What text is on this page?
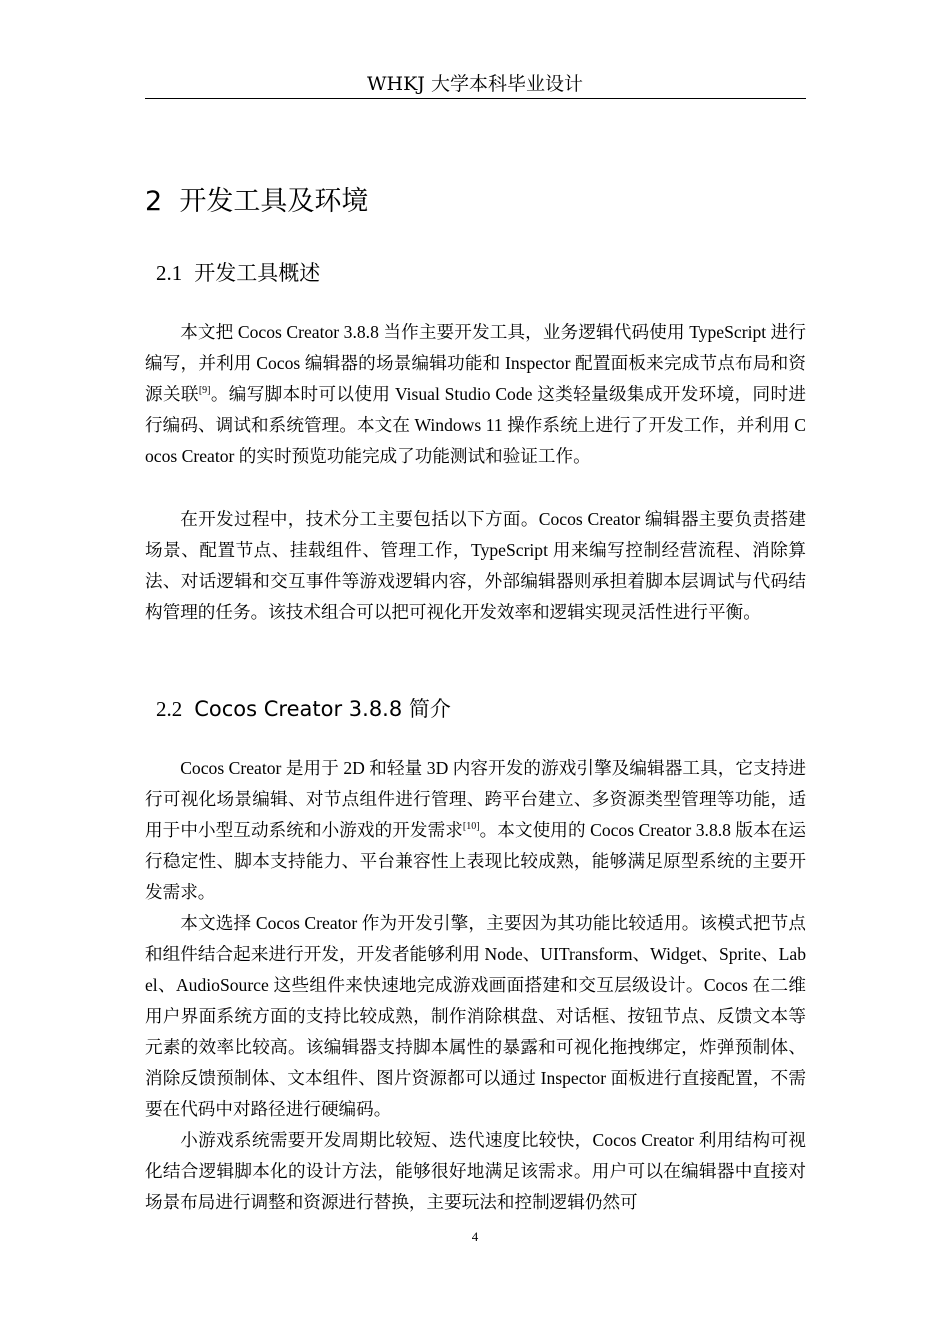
WHKJ 大学本科毕业设计
2 开发工具及环境
2.1 开发工具概述

本文把 Cocos Creator 3.8.8 当作主要开发工具，业务逻辑代码使用 TypeScript 进行编写，并利用 Cocos 编辑器的场景编辑功能和 Inspector 配置面板来完成节点布局和资源关联[9]。编写脚本时可以使用 Visual Studio Code 这类轻量级集成开发环境，同时进行编码、调试和系统管理。本文在 Windows 11 操作系统上进行了开发工作，并利用 Cocos Creator 的实时预览功能完成了功能测试和验证工作。

在开发过程中，技术分工主要包括以下方面。Cocos Creator 编辑器主要负责搭建场景、配置节点、挂载组件、管理工作，TypeScript 用来编写控制经营流程、消除算法、对话逻辑和交互事件等游戏逻辑内容，外部编辑器则承担着脚本层调试与代码结构管理的任务。该技术组合可以把可视化开发效率和逻辑实现灵活性进行平衡。

2.2 Cocos Creator 3.8.8 简介

Cocos Creator 是用于 2D 和轻量 3D 内容开发的游戏引擎及编辑器工具，它支持进行可视化场景编辑、对节点组件进行管理、跨平台建立、多资源类型管理等功能，适用于中小型互动系统和小游戏的开发需求[10]。本文使用的 Cocos Creator 3.8.8 版本在运行稳定性、脚本支持能力、平台兼容性上表现比较成熟，能够满足原型系统的主要开发需求。

本文选择 Cocos Creator 作为开发引擎，主要因为其功能比较适用。该模式把节点和组件结合起来进行开发，开发者能够利用 Node、UITransform、Widget、Sprite、Label、AudioSource 这些组件来快速地完成游戏画面搭建和交互层级设计。Cocos 在二维用户界面系统方面的支持比较成熟，制作消除棋盘、对话框、按钮节点、反馈文本等元素的效率比较高。该编辑器支持脚本属性的暴露和可视化拖拽绑定，炸弹预制体、消除反馈预制体、文本组件、图片资源都可以通过 Inspector 面板进行直接配置，不需要在代码中对路径进行硬编码。

小游戏系统需要开发周期比较短、迭代速度比较快，Cocos Creator 利用结构可视化结合逻辑脚本化的设计方法，能够很好地满足该需求。用户可以在编辑器中直接对场景布局进行调整和资源进行替换，主要玩法和控制逻辑仍然可

4
